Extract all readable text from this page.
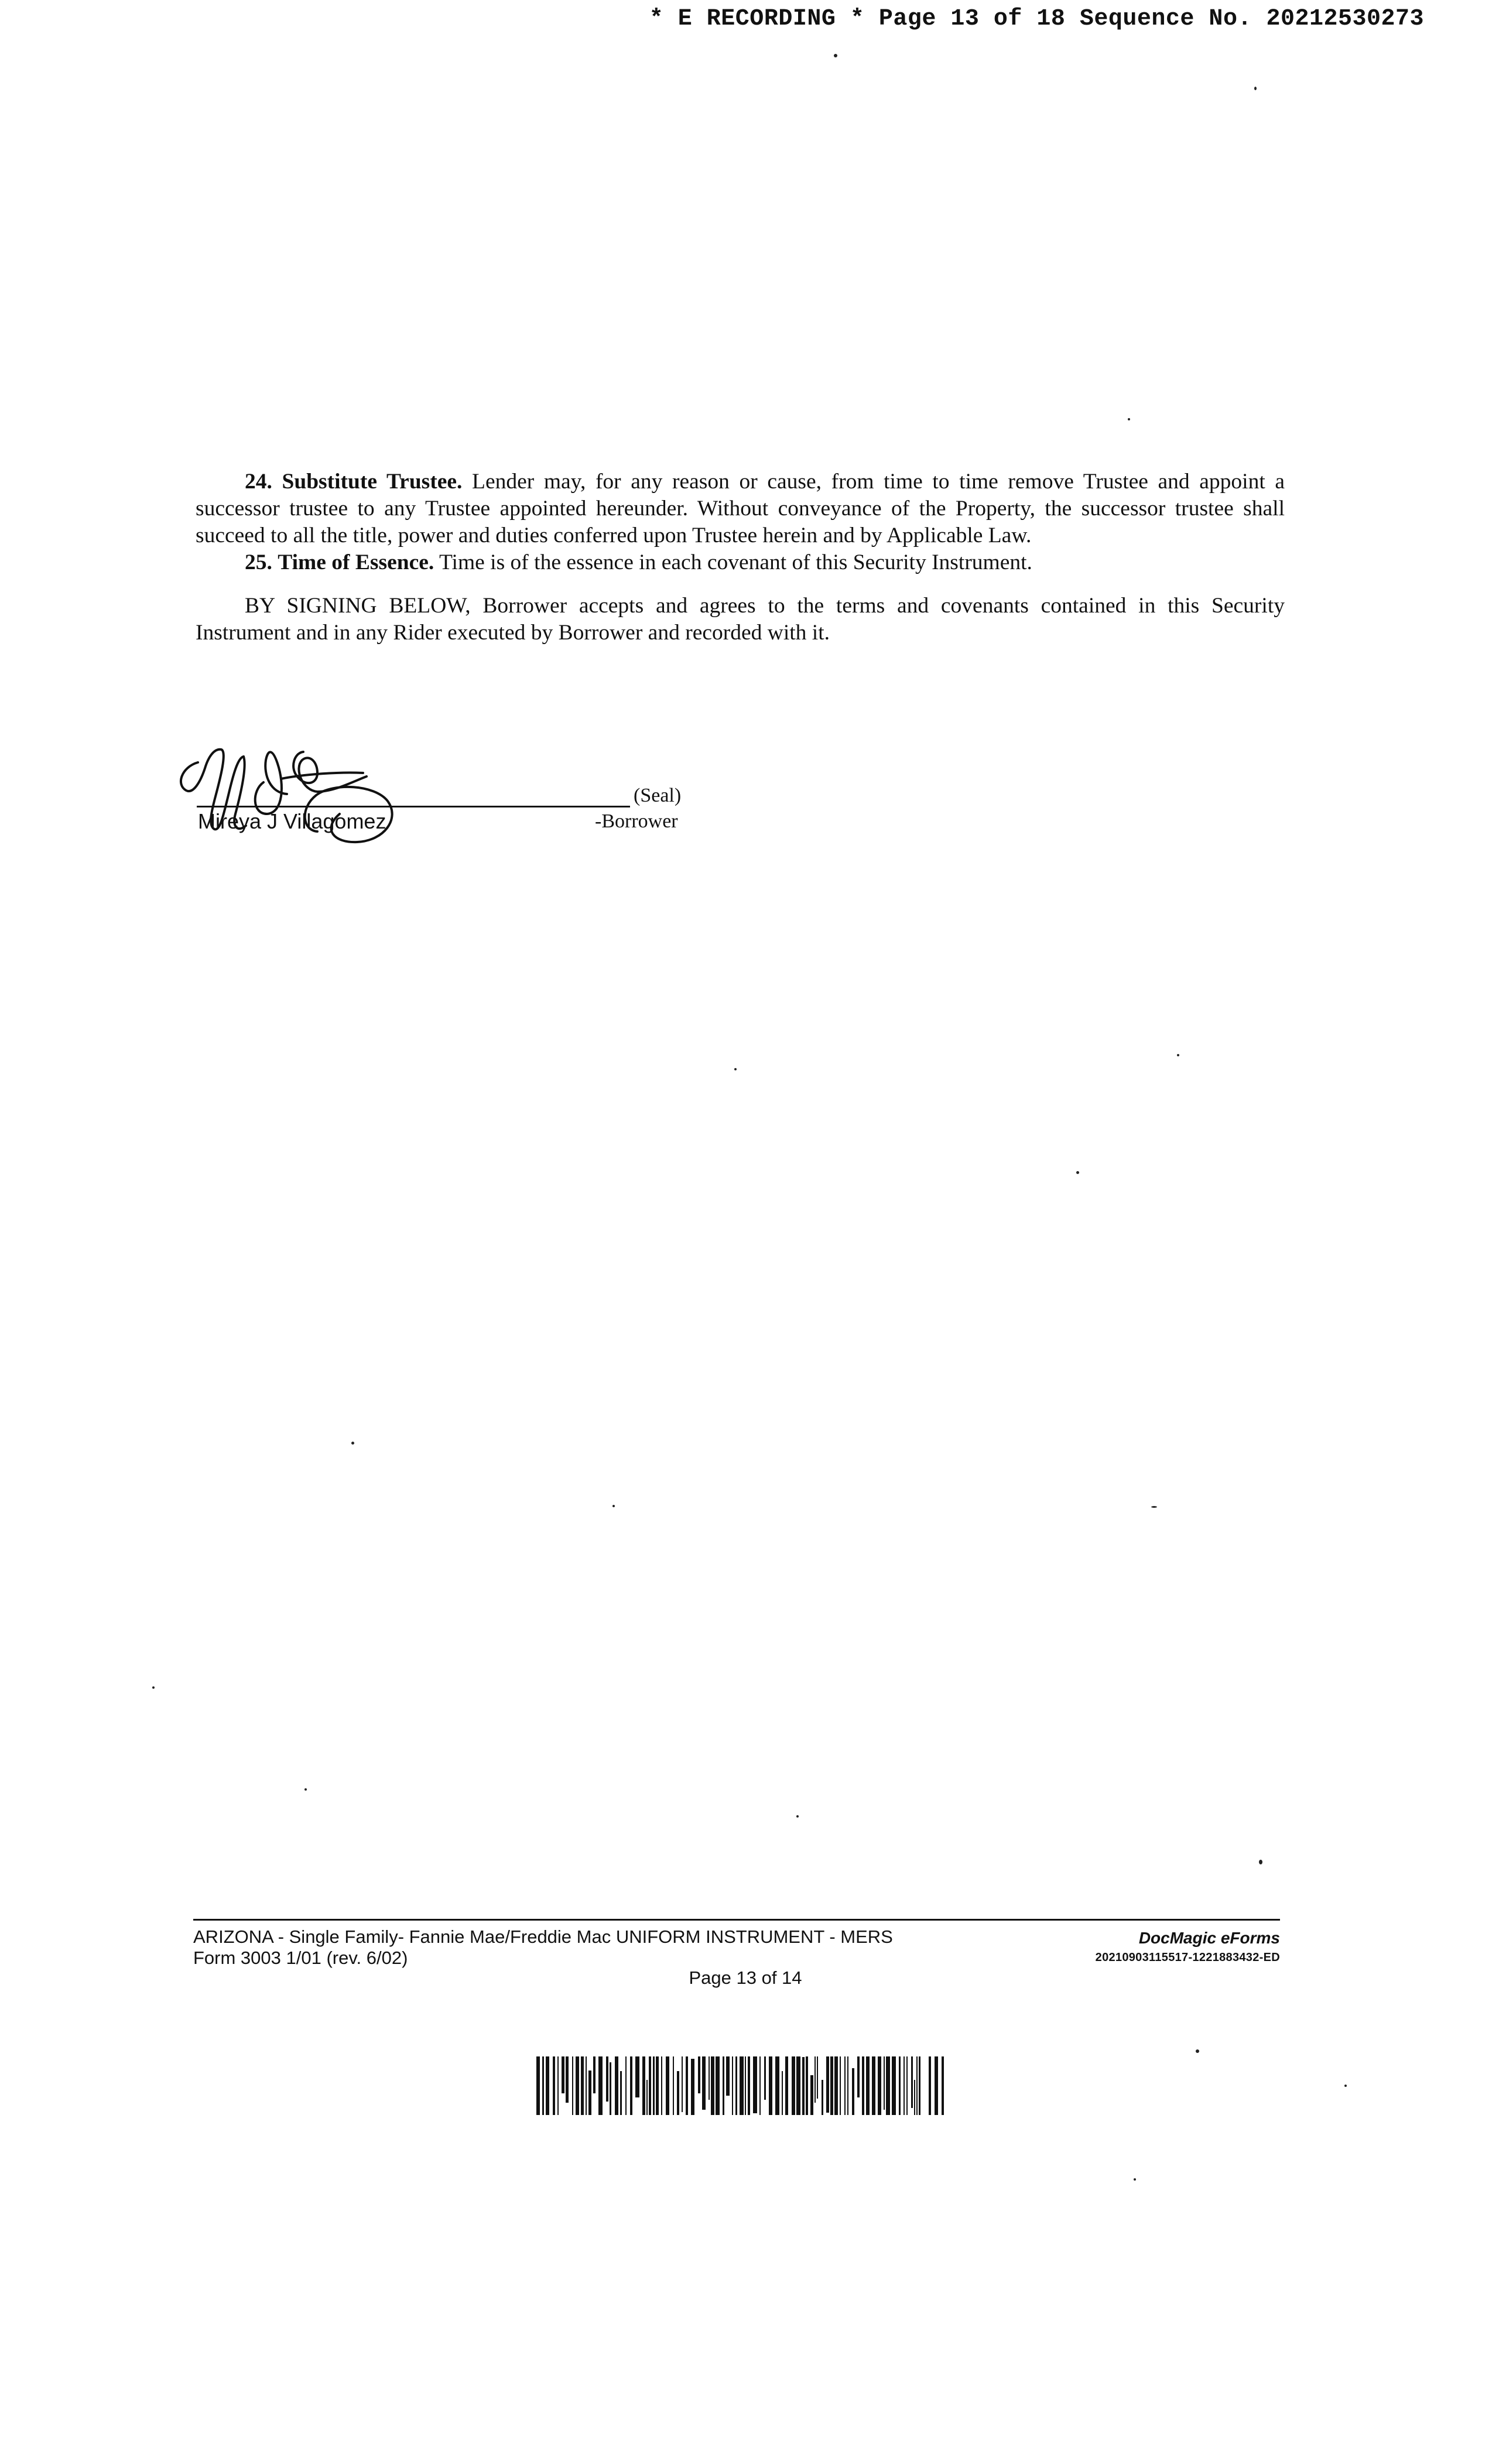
* E RECORDING * Page 13 of 18 Sequence No. 20212530273

24. Substitute Trustee. Lender may, for any reason or cause, from time to time remove Trustee and appoint a successor trustee to any Trustee appointed hereunder. Without conveyance of the Property, the successor trustee shall succeed to all the title, power and duties conferred upon Trustee herein and by Applicable Law.

25. Time of Essence. Time is of the essence in each covenant of this Security Instrument.

BY SIGNING BELOW, Borrower accepts and agrees to the terms and covenants contained in this Security Instrument and in any Rider executed by Borrower and recorded with it.

(Seal)
Mireya J Villagomez	-Borrower
ARIZONA - Single Family- Fannie Mae/Freddie Mac UNIFORM INSTRUMENT - MERS
Form 3003 1/01 (rev. 6/02)
DocMagic eForms
20210903115517-1221883432-ED
Page 13 of 14
